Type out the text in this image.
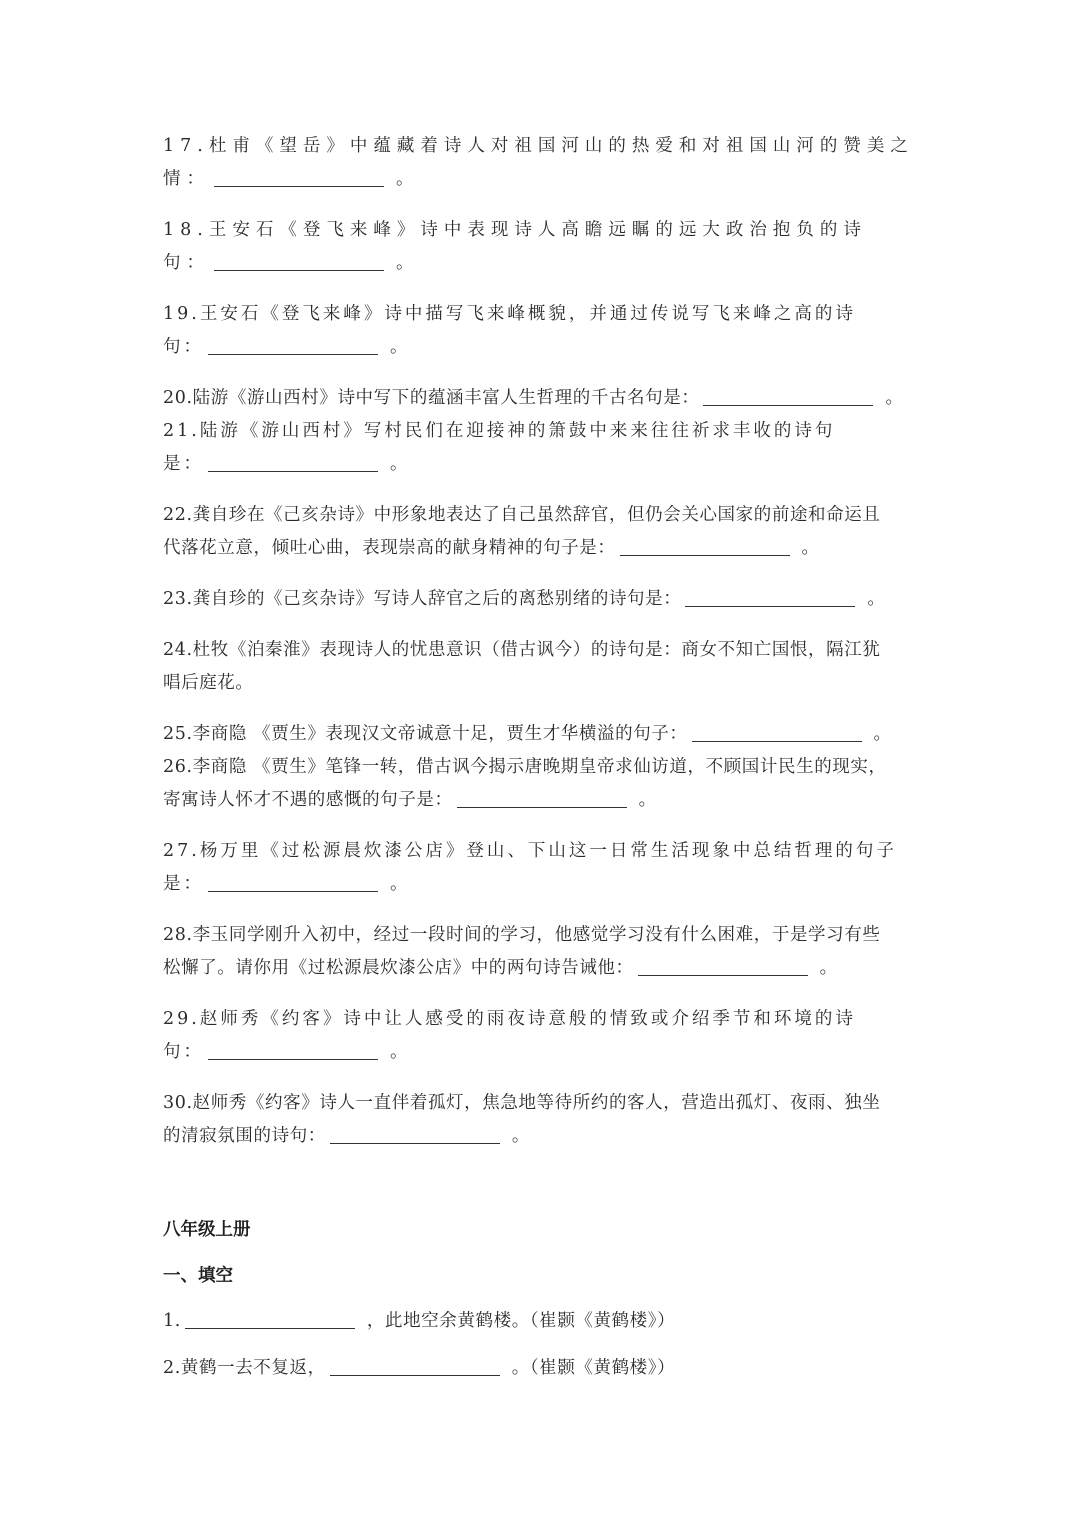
17.杜甫《望岳》中蕴藏着诗人对祖国河山的热爱和对祖国山河的赞美之
情：	。
18.王安石《登飞来峰》诗中表现诗人高瞻远瞩的远大政治抱负的诗
句：	。
19.王安石《登飞来峰》诗中描写飞来峰概貌，并通过传说写飞来峰之高的诗
句：	。
20.陆游《游山西村》诗中写下的蕴涵丰富人生哲理的千古名句是：	。
21.陆游《游山西村》写村民们在迎接神的箫鼓中来来往往祈求丰收的诗句
是：	。
22.龚自珍在《己亥杂诗》中形象地表达了自己虽然辞官，但仍会关心国家的前途和命运且
代落花立意，倾吐心曲，表现崇高的献身精神的句子是：	。
23.龚自珍的《己亥杂诗》写诗人辞官之后的离愁别绪的诗句是：	。
24.杜牧《泊秦淮》表现诗人的忧患意识（借古讽今）的诗句是：商女不知亡国恨，隔江犹
唱后庭花。
25.李商隐 《贾生》表现汉文帝诚意十足，贾生才华横溢的句子：	。
26.李商隐 《贾生》笔锋一转，借古讽今揭示唐晚期皇帝求仙访道，不顾国计民生的现实，
寄寓诗人怀才不遇的感慨的句子是：	。
27.杨万里《过松源晨炊漆公店》登山、下山这一日常生活现象中总结哲理的句子
是：	。
28.李玉同学刚升入初中，经过一段时间的学习，他感觉学习没有什么困难，于是学习有些
松懈了。请你用《过松源晨炊漆公店》中的两句诗告诫他：	。
29.赵师秀《约客》诗中让人感受的雨夜诗意般的情致或介绍季节和环境的诗
句：	。
30.赵师秀《约客》诗人一直伴着孤灯，焦急地等待所约的客人，营造出孤灯、夜雨、独坐
的清寂氛围的诗句：	。
八年级上册
一、填空
1.	，此地空余黄鹤楼。（崔颢《黄鹤楼》）
2.黄鹤一去不复返，	。（崔颢《黄鹤楼》）
